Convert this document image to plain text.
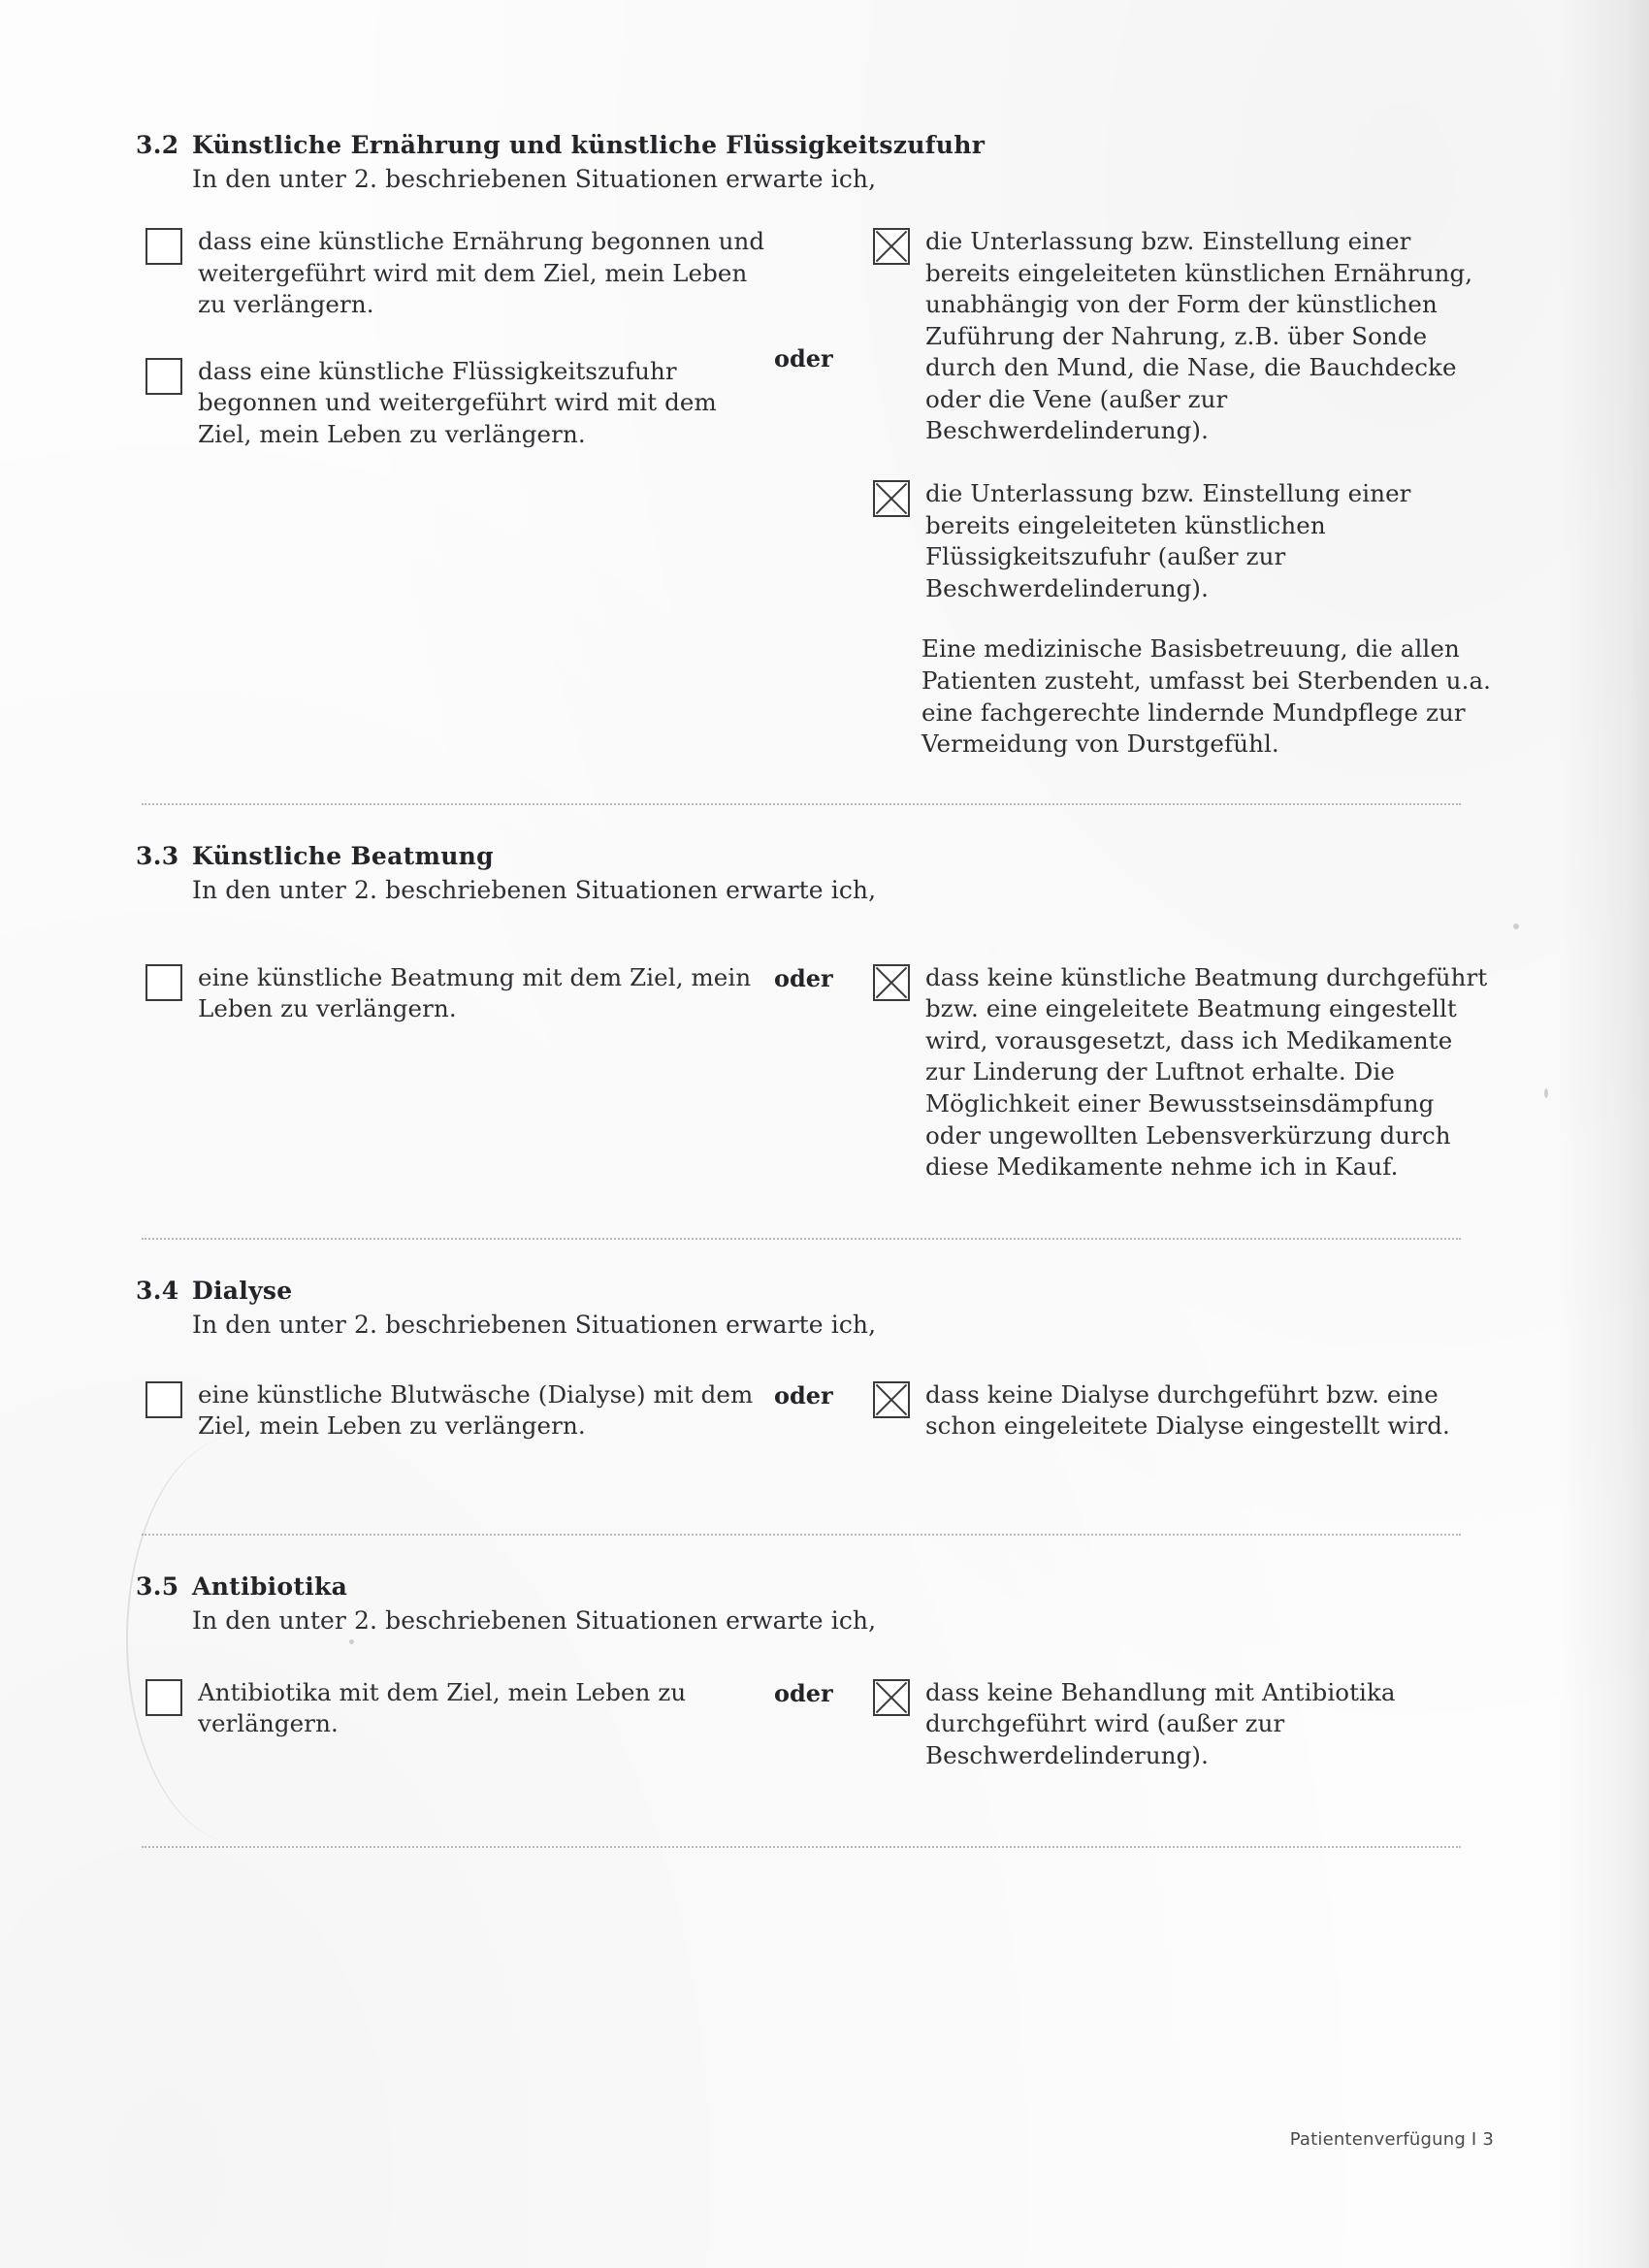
3.2 Künstliche Ernährung und künstliche Flüssigkeitszufuhr
In den unter 2. beschriebenen Situationen erwarte ich,
dass eine künstliche Ernährung begonnen und weitergeführt wird mit dem Ziel, mein Leben zu verlängern.
dass eine künstliche Flüssigkeitszufuhr begonnen und weitergeführt wird mit dem Ziel, mein Leben zu verlängern.
oder
die Unterlassung bzw. Einstellung einer bereits eingeleiteten künstlichen Ernährung, unabhängig von der Form der künstlichen Zuführung der Nahrung, z.B. über Sonde durch den Mund, die Nase, die Bauchdecke oder die Vene (außer zur Beschwerdelinderung).
die Unterlassung bzw. Einstellung einer bereits eingeleiteten künstlichen Flüssigkeitszufuhr (außer zur Beschwerdelinderung).
Eine medizinische Basisbetreuung, die allen Patienten zusteht, umfasst bei Sterbenden u.a. eine fachgerechte lindernde Mundpflege zur Vermeidung von Durstgefühl.
3.3 Künstliche Beatmung
In den unter 2. beschriebenen Situationen erwarte ich,
eine künstliche Beatmung mit dem Ziel, mein Leben zu verlängern.
oder	dass keine künstliche Beatmung durchgeführt bzw. eine eingeleitete Beatmung eingestellt wird, vorausgesetzt, dass ich Medikamente zur Linderung der Luftnot erhalte. Die Möglichkeit einer Bewusstseinsdämpfung oder ungewollten Lebensverkürzung durch diese Medikamente nehme ich in Kauf.
3.4 Dialyse
In den unter 2. beschriebenen Situationen erwarte ich,
eine künstliche Blutwäsche (Dialyse) mit dem Ziel, mein Leben zu verlängern.
oder	dass keine Dialyse durchgeführt bzw. eine schon eingeleitete Dialyse eingestellt wird.
3.5 Antibiotika
In den unter 2. beschriebenen Situationen erwarte ich,
Antibiotika mit dem Ziel, mein Leben zu verlängern.
oder	dass keine Behandlung mit Antibiotika durchgeführt wird (außer zur Beschwerdelinderung).
Patientenverfügung I 3
